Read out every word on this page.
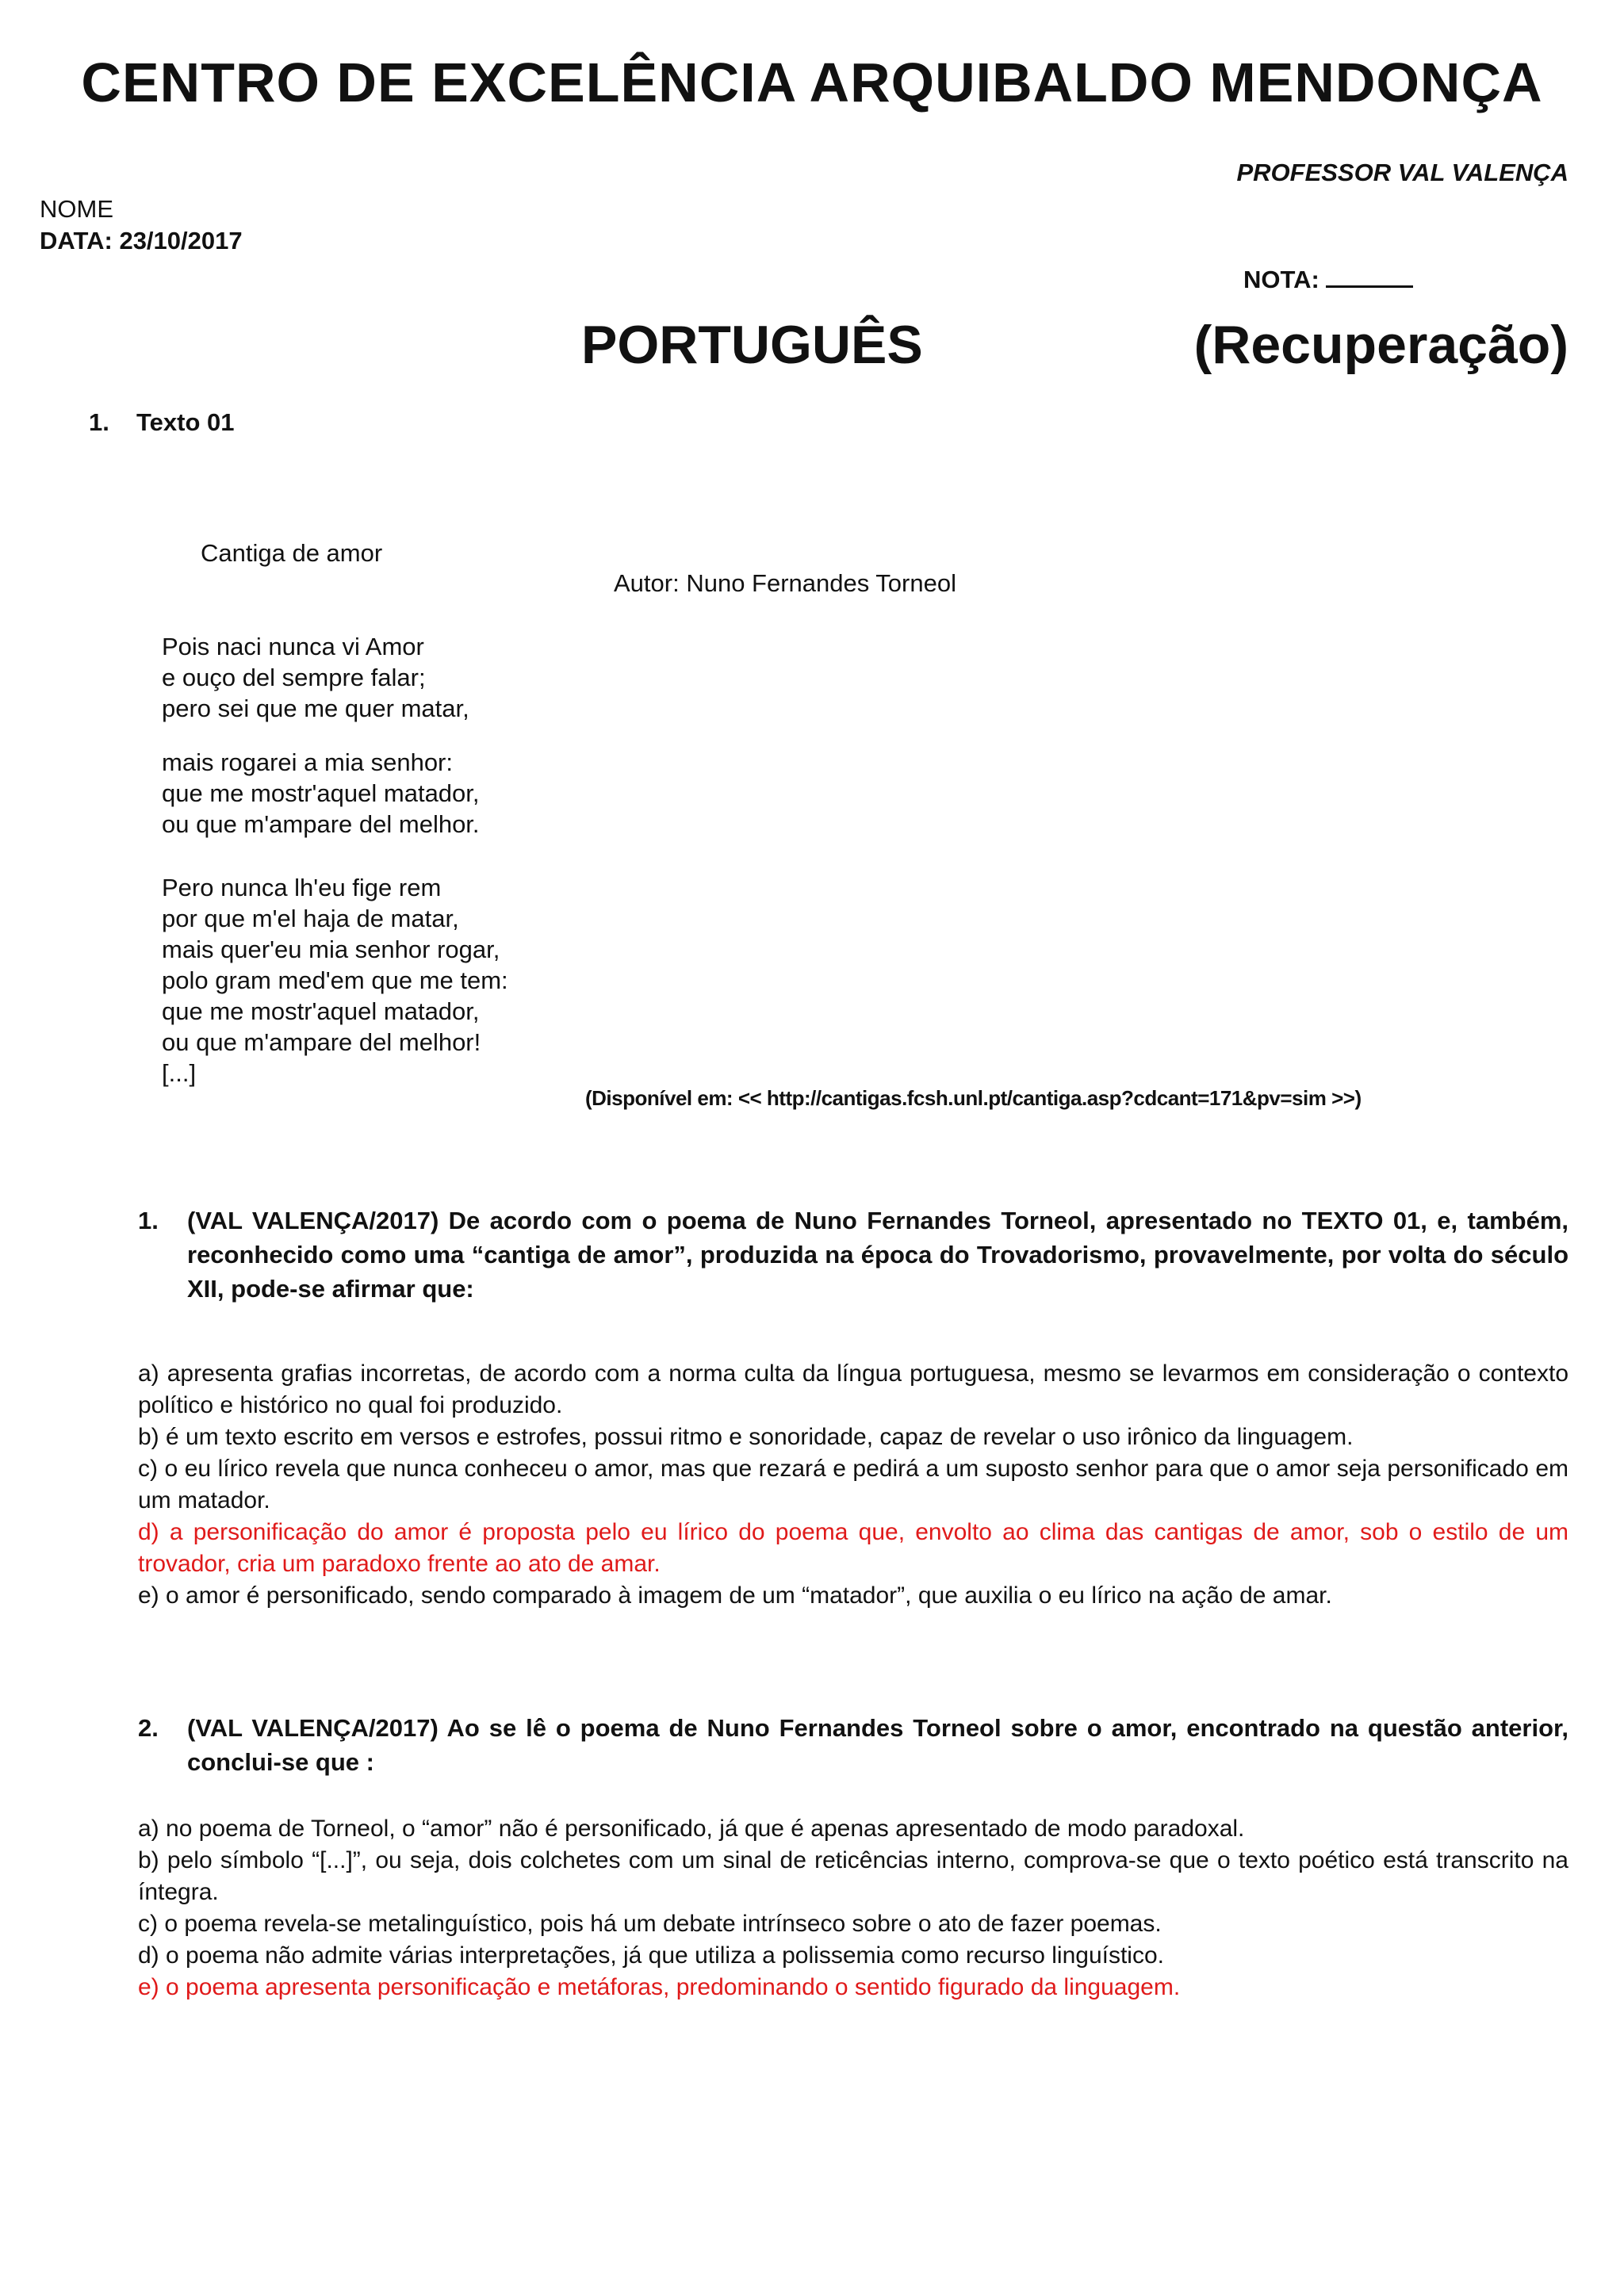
CENTRO DE EXCELÊNCIA ARQUIBALDO MENDONÇA
PROFESSOR VAL VALENÇA
NOME
DATA: 23/10/2017
NOTA:
PORTUGUÊS	(Recuperação)
1. Texto 01
Cantiga de amor
Autor: Nuno Fernandes Torneol
Pois naci nunca vi Amor
e ouço del sempre falar;
pero sei que me quer matar,
mais rogarei a mia senhor:
que me mostr'aquel matador,
ou que m'ampare del melhor.
Pero nunca lh'eu fige rem
por que m'el haja de matar,
mais quer'eu mia senhor rogar,
polo gram med'em que me tem:
que me mostr'aquel matador,
ou que m'ampare del melhor!
[...]
(Disponível em: << http://cantigas.fcsh.unl.pt/cantiga.asp?cdcant=171&pv=sim >>)
1.	(VAL VALENÇA/2017) De acordo com o poema de Nuno Fernandes Torneol, apresentado no TEXTO 01, e, também, reconhecido como uma “cantiga de amor”, produzida na época do Trovadorismo, provavelmente, por volta do século XII, pode-se afirmar que:
a) apresenta grafias incorretas, de acordo com a norma culta da língua portuguesa, mesmo se levarmos em consideração o contexto político e histórico no qual foi produzido.
b) é um texto escrito em versos e estrofes, possui ritmo e sonoridade, capaz de revelar o uso irônico da linguagem.
c) o eu lírico revela que nunca conheceu o amor, mas que rezará e pedirá a um suposto senhor para que o amor seja personificado em um matador.
d) a personificação do amor é proposta pelo eu lírico do poema que, envolto ao clima das cantigas de amor, sob o estilo de um trovador, cria um paradoxo frente ao ato de amar.
e) o amor é personificado, sendo comparado à imagem de um “matador”, que auxilia o eu lírico na ação de amar.
2.	(VAL VALENÇA/2017) Ao se lê o poema de Nuno Fernandes Torneol sobre o amor, encontrado na questão anterior, conclui-se que :
a) no poema de Torneol, o “amor” não é personificado, já que é apenas apresentado de modo paradoxal.
b) pelo símbolo “[...]”, ou seja, dois colchetes com um sinal de reticências interno, comprova-se que o texto poético está transcrito na íntegra.
c) o poema revela-se metalinguístico, pois há um debate intrínseco sobre o ato de fazer poemas.
d) o poema não admite várias interpretações, já que utiliza a polissemia como recurso linguístico.
e) o poema apresenta personificação e metáforas, predominando o sentido figurado da linguagem.
